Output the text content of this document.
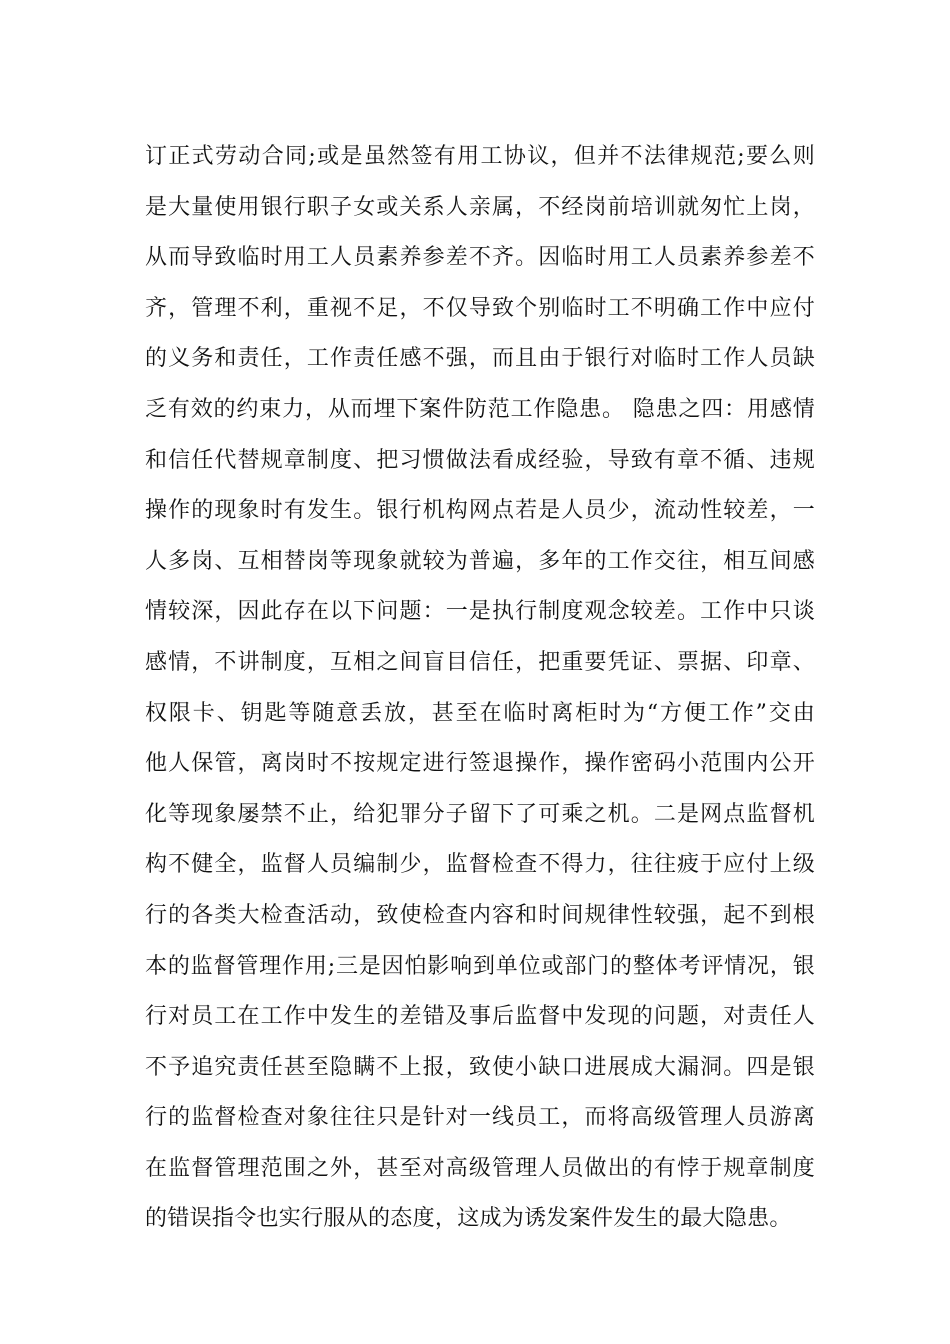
订正式劳动合同;或是虽然签有用工协议，但并不法律规范;要么则
是大量使用银行职子女或关系人亲属，不经岗前培训就匆忙上岗，
从而导致临时用工人员素养参差不齐。因临时用工人员素养参差不
齐，管理不利，重视不足，不仅导致个别临时工不明确工作中应付
的义务和责任，工作责任感不强，而且由于银行对临时工作人员缺
乏有效的约束力，从而埋下案件防范工作隐患。 隐患之四：用感情
和信任代替规章制度、把习惯做法看成经验，导致有章不循、违规
操作的现象时有发生。银行机构网点若是人员少，流动性较差，一
人多岗、互相替岗等现象就较为普遍，多年的工作交往，相互间感
情较深，因此存在以下问题：一是执行制度观念较差。工作中只谈
感情，不讲制度，互相之间盲目信任，把重要凭证、票据、印章、
权限卡、钥匙等随意丢放，甚至在临时离柜时为“方便工作”交由
他人保管，离岗时不按规定进行签退操作，操作密码小范围内公开
化等现象屡禁不止，给犯罪分子留下了可乘之机。二是网点监督机
构不健全，监督人员编制少，监督检查不得力，往往疲于应付上级
行的各类大检查活动，致使检查内容和时间规律性较强，起不到根
本的监督管理作用;三是因怕影响到单位或部门的整体考评情况，银
行对员工在工作中发生的差错及事后监督中发现的问题，对责任人
不予追究责任甚至隐瞒不上报，致使小缺口进展成大漏洞。四是银
行的监督检查对象往往只是针对一线员工，而将高级管理人员游离
在监督管理范围之外，甚至对高级管理人员做出的有悖于规章制度
的错误指令也实行服从的态度，这成为诱发案件发生的最大隐患。
